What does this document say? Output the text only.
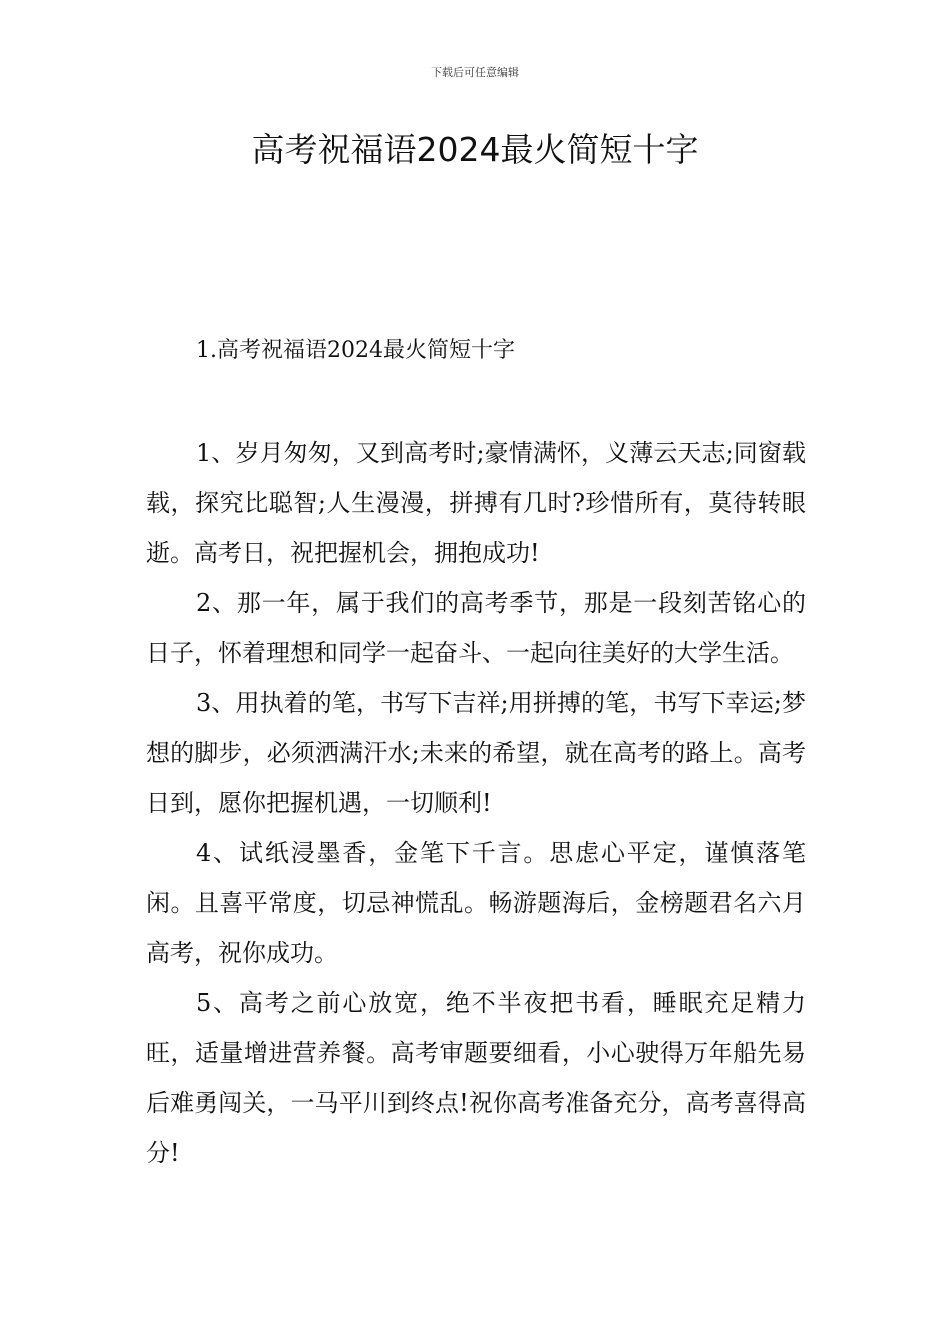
下载后可任意编辑
高考祝福语2024最火简短十字
1.高考祝福语2024最火简短十字

1、岁月匆匆，又到高考时;豪情满怀，义薄云天志;同窗载载，探究比聪智;人生漫漫，拼搏有几时?珍惜所有，莫待转眼逝。高考日，祝把握机会，拥抱成功!

2、那一年，属于我们的高考季节，那是一段刻苦铭心的日子，怀着理想和同学一起奋斗、一起向往美好的大学生活。

3、用执着的笔，书写下吉祥;用拼搏的笔，书写下幸运;梦想的脚步，必须洒满汗水;未来的希望，就在高考的路上。高考日到，愿你把握机遇，一切顺利!

4、试纸浸墨香，金笔下千言。思虑心平定，谨慎落笔闲。且喜平常度，切忌神慌乱。畅游题海后，金榜题君名六月高考，祝你成功。

5、高考之前心放宽，绝不半夜把书看，睡眠充足精力旺，适量增进营养餐。高考审题要细看，小心驶得万年船先易后难勇闯关，一马平川到终点!祝你高考准备充分，高考喜得高分!
